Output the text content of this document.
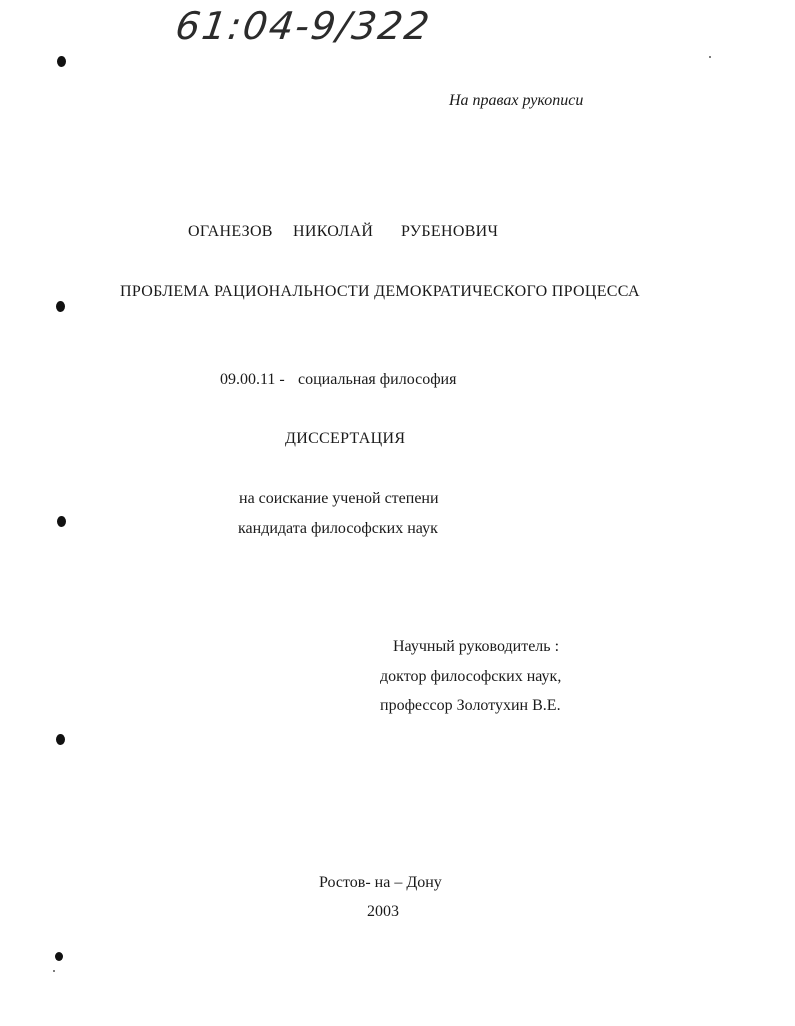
61:04-9/322
На правах рукописи
ОГАНЕЗОВ НИКОЛАЙ РУБЕНОВИЧ
ПРОБЛЕМА РАЦИОНАЛЬНОСТИ ДЕМОКРАТИЧЕСКОГО ПРОЦЕССА
09.00.11 - социальная философия
ДИССЕРТАЦИЯ
на соискание ученой степени
кандидата философских наук
Научный руководитель :
доктор философских наук,
профессор Золотухин В.Е.
Ростов- на – Дону
2003
